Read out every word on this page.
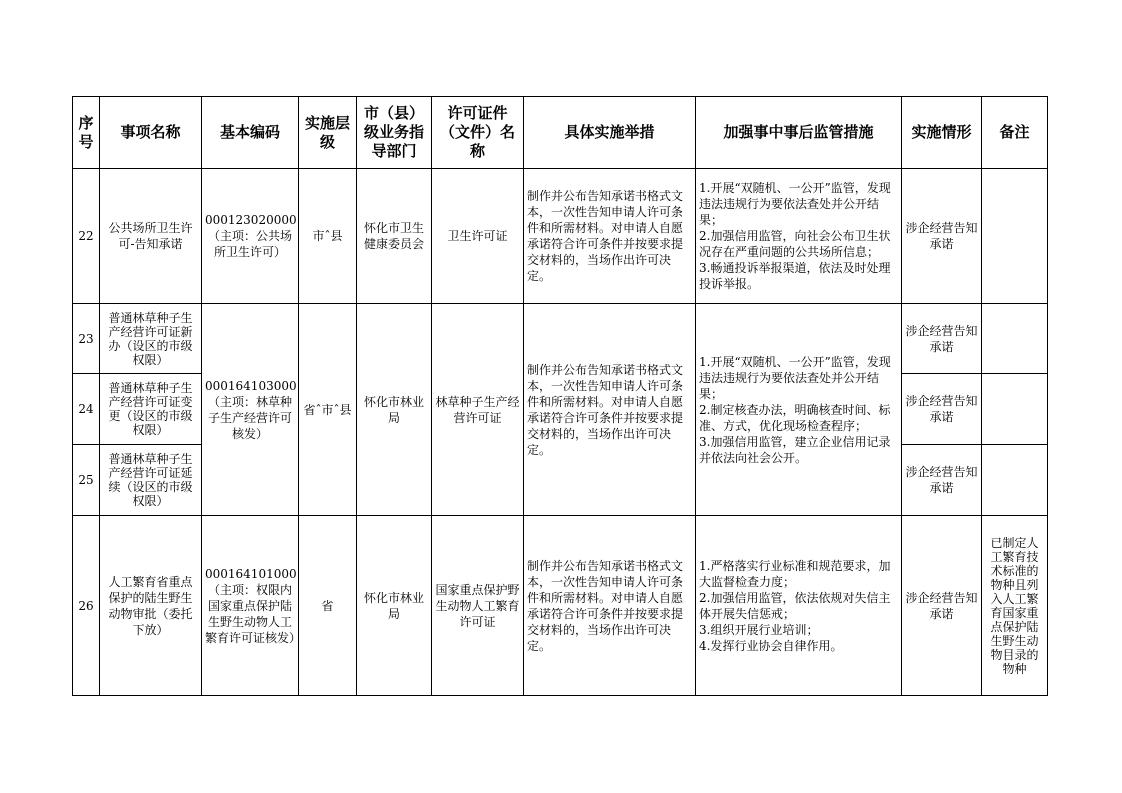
序号	事项名称	基本编码	实施层级	市（县）级业务指导部门	许可证件（文件）名称	具体实施举措	加强事中事后监管措施	实施情形	备注
22	公共场所卫生许可-告知承诺	000123020000（主项：公共场所卫生许可）	市ˆ县	怀化市卫生健康委员会	卫生许可证	制作并公布告知承诺书格式文本，一次性告知申请人许可条件和所需材料。对申请人自愿承诺符合许可条件并按要求提交材料的，当场作出许可决定。	1.开展“双随机、一公开”监管，发现违法违规行为要依法查处并公开结果；
2.加强信用监管，向社会公布卫生状况存在严重问题的公共场所信息；
3.畅通投诉举报渠道，依法及时处理投诉举报。	涉企经营告知承诺	
23	普通林草种子生产经营许可证新办（设区的市级权限）	000164103000（主项：林草种子生产经营许可核发）	省ˆ市ˆ县	怀化市林业局	林草种子生产经营许可证	制作并公布告知承诺书格式文本，一次性告知申请人许可条件和所需材料。对申请人自愿承诺符合许可条件并按要求提交材料的，当场作出许可决定。	1.开展“双随机、一公开”监管，发现违法违规行为要依法查处并公开结果；
2.制定核查办法，明确核查时间、标准、方式，优化现场检查程序；
3.加强信用监管，建立企业信用记录并依法向社会公开。	涉企经营告知承诺	
24	普通林草种子生产经营许可证变更（设区的市级权限）							涉企经营告知承诺	
25	普通林草种子生产经营许可证延续（设区的市级权限）							涉企经营告知承诺	
26	人工繁育省重点保护的陆生野生动物审批（委托下放）	000164101000（主项：权限内国家重点保护陆生野生动物人工繁育许可证核发）	省	怀化市林业局	国家重点保护野生动物人工繁育许可证	制作并公布告知承诺书格式文本，一次性告知申请人许可条件和所需材料。对申请人自愿承诺符合许可条件并按要求提交材料的，当场作出许可决定。	1.严格落实行业标准和规范要求，加大监督检查力度；
2.加强信用监管，依法依规对失信主体开展失信惩戒；
3.组织开展行业培训；
4.发挥行业协会自律作用。	涉企经营告知承诺	已制定人工繁育技术标准的物种且列入人工繁育国家重点保护陆生野生动物目录的物种
